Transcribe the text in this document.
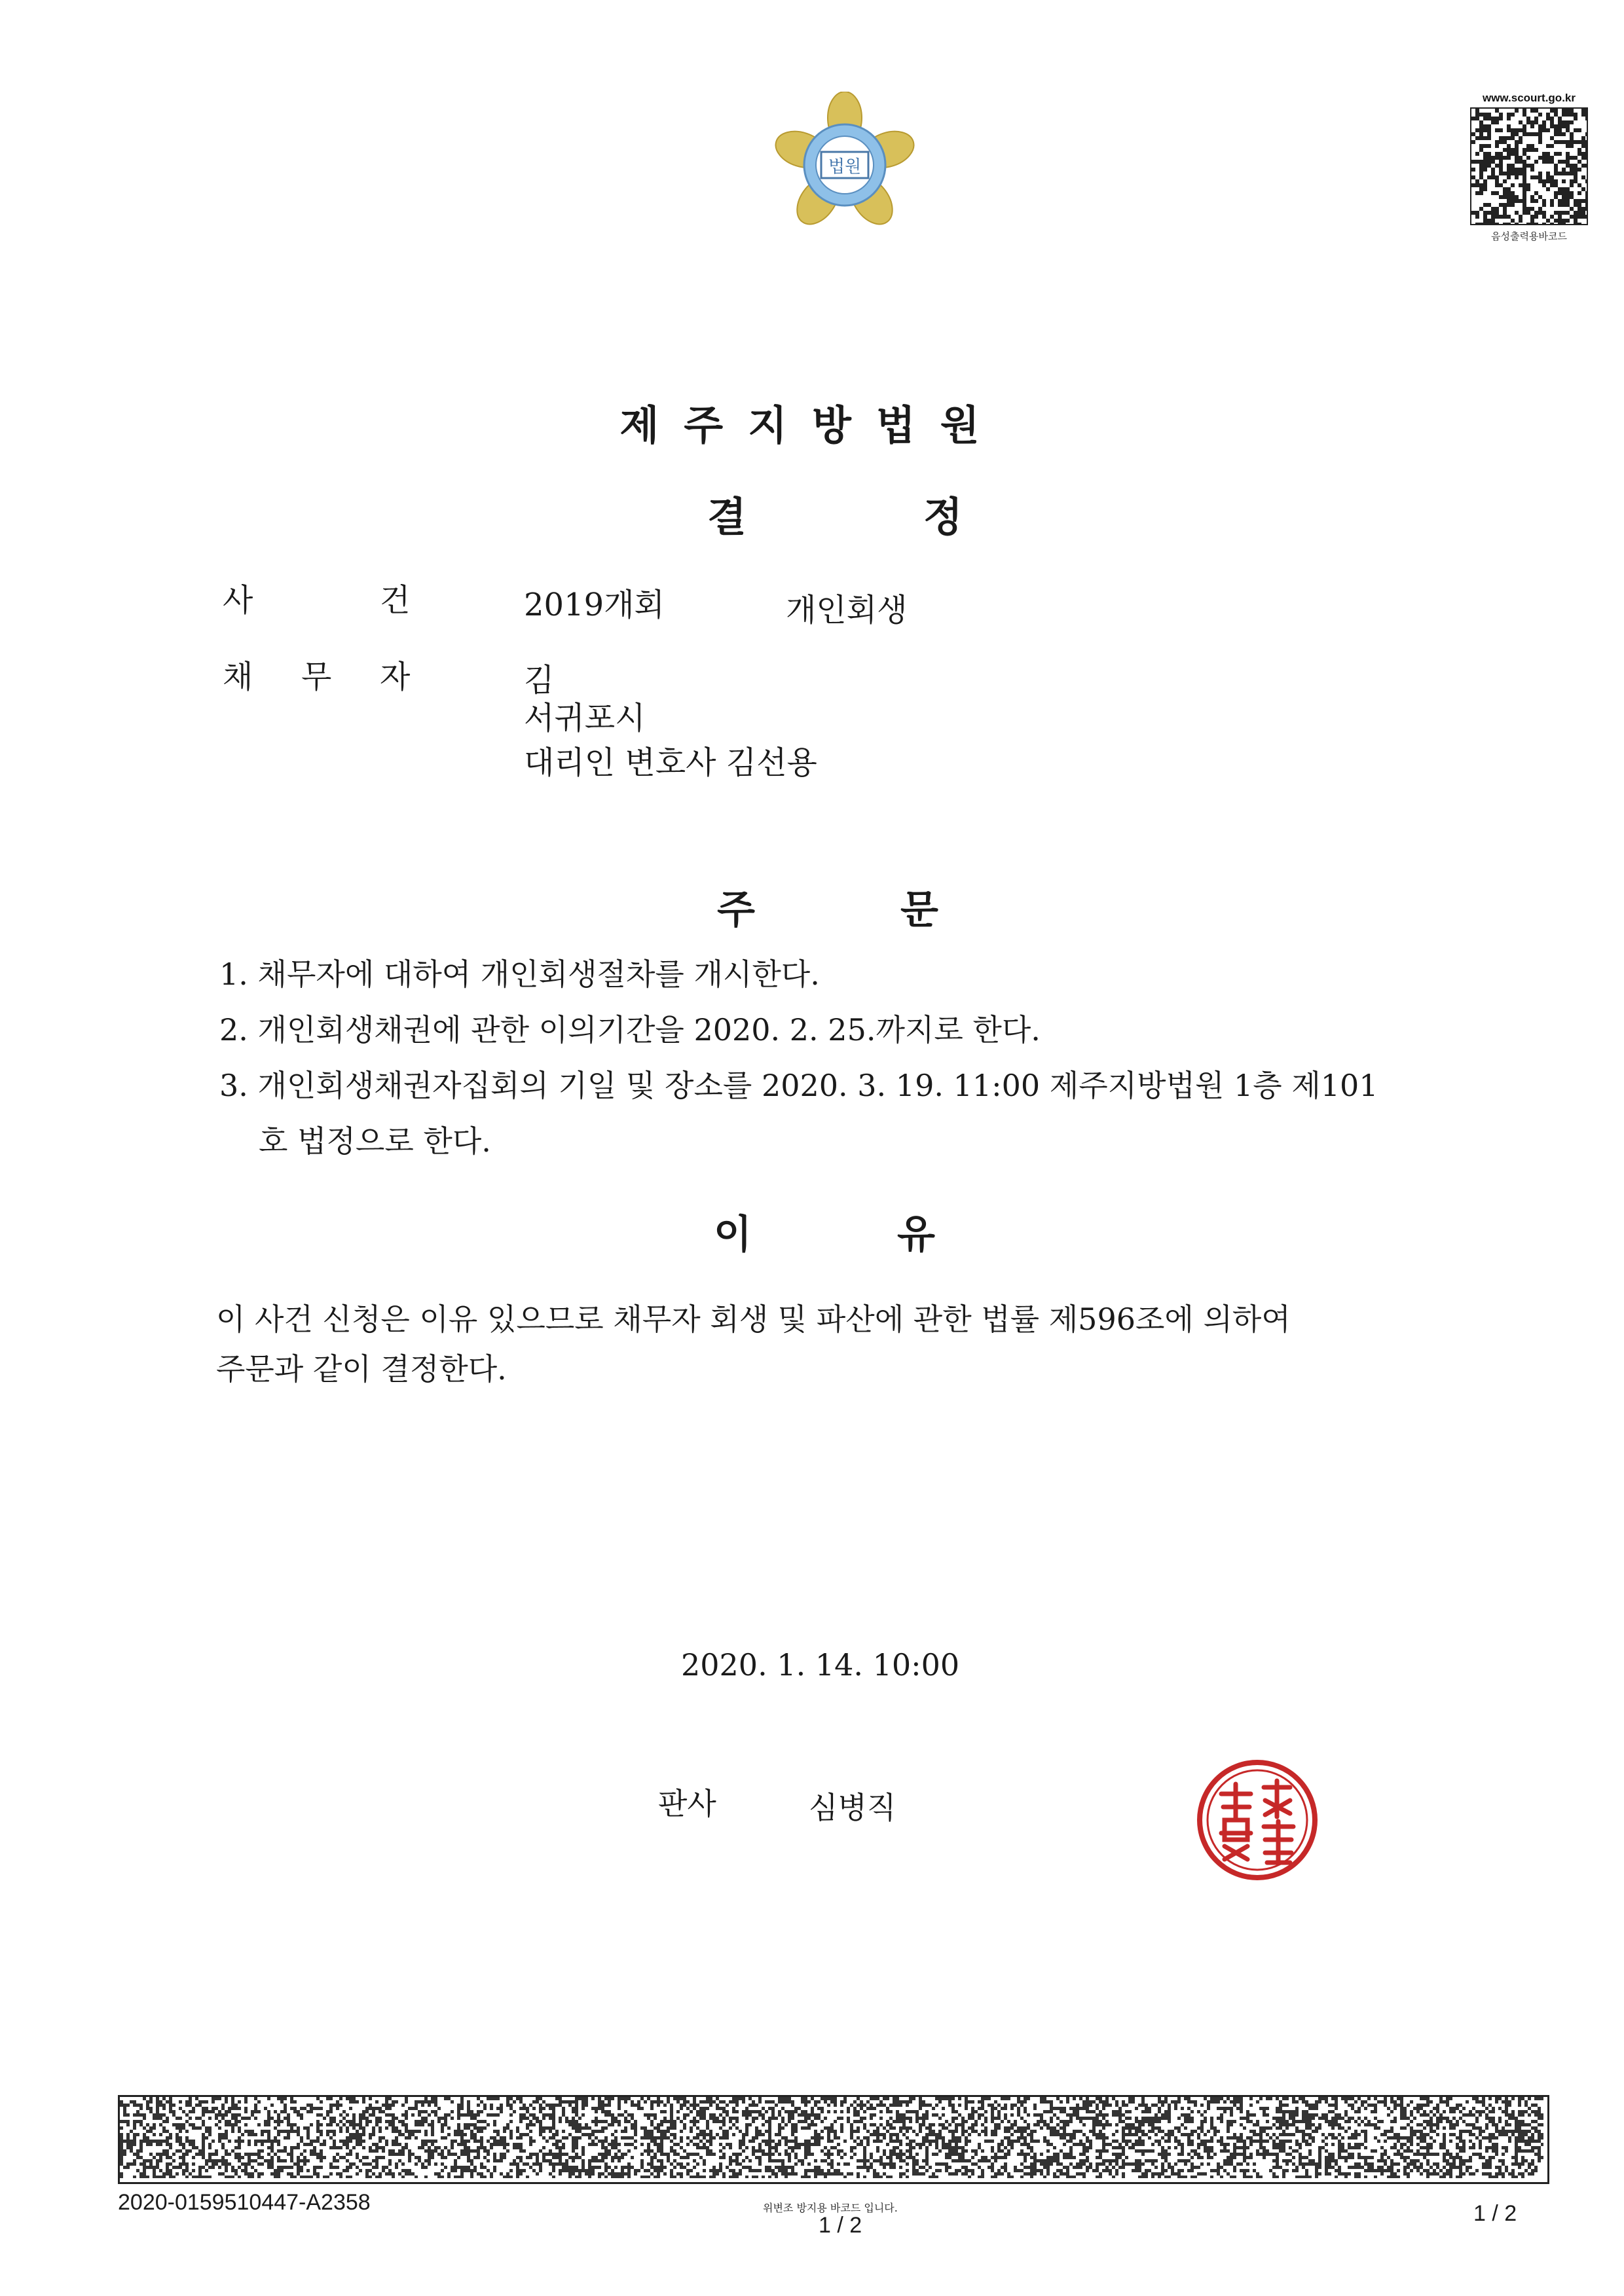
법원
www.scourt.go.kr
음성출력용바코드
제주지방법원
결	정
사	건	2019개회	개인회생
채 무 자	김
서귀포시
대리인 변호사 김선용
주	문
1. 채무자에 대하여 개인회생절차를 개시한다.
2. 개인회생채권에 관한 이의기간을 2020. 2. 25.까지로 한다.
3. 개인회생채권자집회의 기일 및 장소를 2020. 3. 19. 11:00 제주지방법원 1층 제101
호 법정으로 한다.
이	유
이 사건 신청은 이유 있으므로 채무자 회생 및 파산에 관한 법률 제596조에 의하여
주문과 같이 결정한다.
2020. 1. 14. 10:00
판사	심병직
2020-0159510447-A2358	위변조 방지용 바코드 입니다.
1 / 2	1 / 2
